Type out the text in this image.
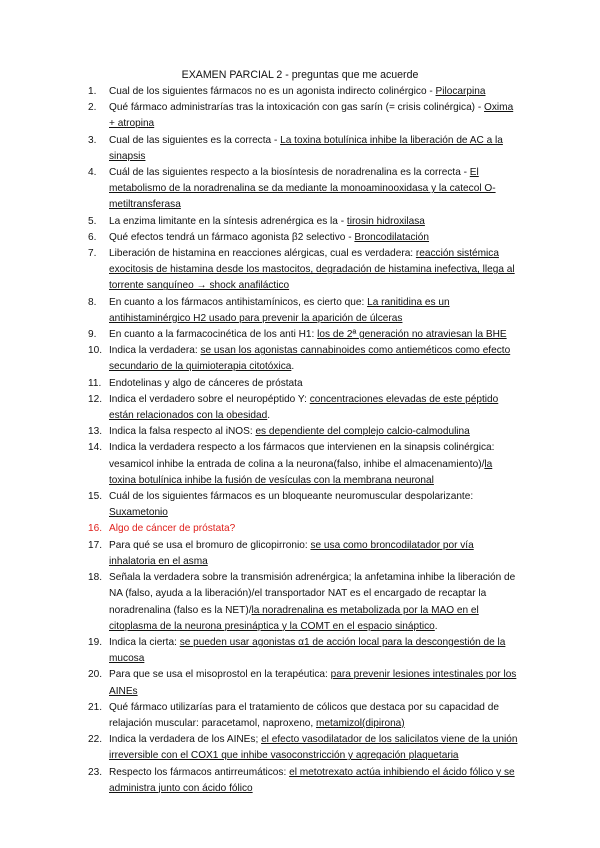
EXAMEN PARCIAL 2 - preguntas que me acuerde
1. Cual de los siguientes fármacos no es un agonista indirecto colinérgico - Pilocarpina
2. Qué fármaco administrarías tras la intoxicación con gas sarín (= crisis colinérgica) - Oxima + atropina
3. Cual de las siguientes es la correcta - La toxina botulínica inhibe la liberación de AC a la sinapsis
4. Cuál de las siguientes respecto a la biosíntesis de noradrenalina es la correcta - El metabolismo de la noradrenalina se da mediante la monoaminooxidasa y la catecol O-metiltransferasa
5. La enzima limitante en la síntesis adrenérgica es la - tirosin hidroxilasa
6. Qué efectos tendrá un fármaco agonista β2 selectivo - Broncodilatación
7. Liberación de histamina en reacciones alérgicas, cual es verdadera: reacción sistémica exocitosis de histamina desde los mastocitos, degradación de histamina inefectiva, llega al torrente sanguíneo → shock anafiláctico
8. En cuanto a los fármacos antihistamínicos, es cierto que: La ranitidina es un antihistaminérgico H2 usado para prevenir la aparición de úlceras
9. En cuanto a la farmacocinética de los anti H1: los de 2ª generación no atraviesan la BHE
10. Indica la verdadera: se usan los agonistas cannabinoides como antieméticos como efecto secundario de la quimioterapia citotóxica.
11. Endotelinas y algo de cánceres de próstata
12. Indica el verdadero sobre el neuropéptido Y: concentraciones elevadas de este péptido están relacionados con la obesidad.
13. Indica la falsa respecto al iNOS: es dependiente del complejo calcio-calmodulina
14. Indica la verdadera respecto a los fármacos que intervienen en la sinapsis colinérgica: vesamicol inhibe la entrada de colina a la neurona(falso, inhibe el almacenamiento)/la toxina botulínica inhibe la fusión de vesículas con la membrana neuronal
15. Cuál de los siguientes fármacos es un bloqueante neuromuscular despolarizante: Suxametonio
16. Algo de cáncer de próstata?
17. Para qué se usa el bromuro de glicopirronio: se usa como broncodilatador por vía inhalatoria en el asma
18. Señala la verdadera sobre la transmisión adrenérgica; la anfetamina inhibe la liberación de NA (falso, ayuda a la liberación)/el transportador NAT es el encargado de recaptar la noradrenalina (falso es la NET)/la noradrenalina es metabolizada por la MAO en el citoplasma de la neurona presináptica y la COMT en el espacio sináptico.
19. Indica la cierta: se pueden usar agonistas α1 de acción local para la descongestión de la mucosa
20. Para que se usa el misoprostol en la terapéutica: para prevenir lesiones intestinales por los AINEs
21. Qué fármaco utilizarías para el tratamiento de cólicos que destaca por su capacidad de relajación muscular: paracetamol, naproxeno, metamizol(dipirona)
22. Indica la verdadera de los AINEs; el efecto vasodilatador de los salicilatos viene de la unión irreversible con el COX1 que inhibe vasoconstricción y agregación plaquetaria
23. Respecto los fármacos antirreumáticos: el metotrexato actúa inhibiendo el ácido fólico y se administra junto con ácido fólico
